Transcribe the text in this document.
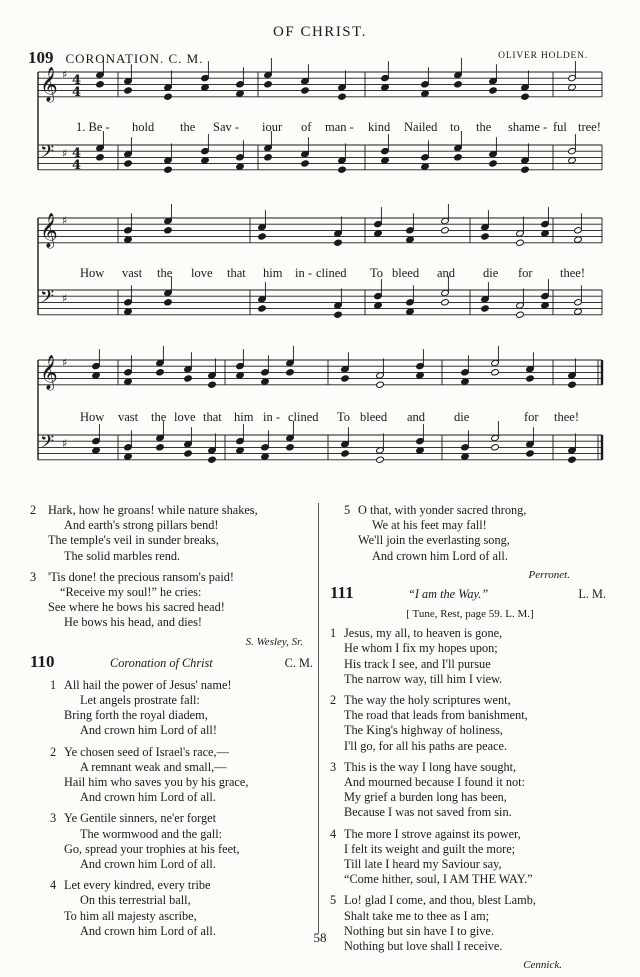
OF CHRIST.
109 CORONATION. C. M.	OLIVER HOLDEN.
𝄞 ♯ 4
4
𝄢 ♯ 4
4
𝄞 ♯
𝄢 ♯
𝄞 ♯
𝄢 ♯
1. Be - hold the Sav - iour of man - kind Nailed to the shame - ful tree!
How vast the love that him in - clined To bleed and die for thee!
How vast the love that him in - clined To bleed and die	for thee!
2 Hark, how he groans! while nature shakes,
And earth's strong pillars bend!
The temple's veil in sunder breaks,
The solid marbles rend.
3 'Tis done! the precious ransom's paid!
“Receive my soul!” he cries:
See where he bows his sacred head!
He bows his head, and dies!
S. Wesley, Sr.
110	Coronation of Christ	C. M.
1 All hail the power of Jesus' name!
Let angels prostrate fall:
Bring forth the royal diadem,
And crown him Lord of all!
2 Ye chosen seed of Israel's race,—
A remnant weak and small,—
Hail him who saves you by his grace,
And crown him Lord of all.
3 Ye Gentile sinners, ne'er forget
The wormwood and the gall:
Go, spread your trophies at his feet,
And crown him Lord of all.
4 Let every kindred, every tribe
On this terrestrial ball,
To him all majesty ascribe,
And crown him Lord of all.
5 O that, with yonder sacred throng,
We at his feet may fall!
We'll join the everlasting song,
And crown him Lord of all.
Perronet.
111	“I am the Way.”	L. M.
[ Tune, Rest, page 59. L. M.]
1 Jesus, my all, to heaven is gone,
He whom I fix my hopes upon;
His track I see, and I'll pursue
The narrow way, till him I view.
2 The way the holy scriptures went,
The road that leads from banishment,
The King's highway of holiness,
I'll go, for all his paths are peace.
3 This is the way I long have sought,
And mourned because I found it not:
My grief a burden long has been,
Because I was not saved from sin.
4 The more I strove against its power,
I felt its weight and guilt the more;
Till late I heard my Saviour say,
“Come hither, soul, I AM THE WAY.”
5 Lo! glad I come, and thou, blest Lamb,
Shalt take me to thee as I am;
Nothing but sin have I to give.
Nothing but love shall I receive.
Cennick.
58
